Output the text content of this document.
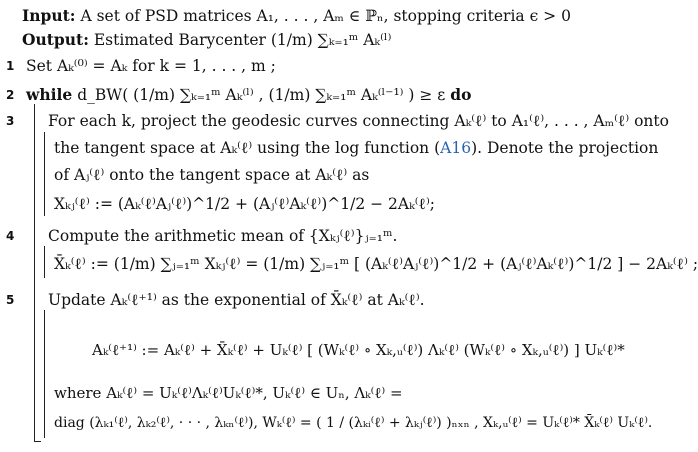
Input: A set of PSD matrices A₁, . . . , Aₘ ∈ ℙₙ, stopping criteria ϵ > 0
Output: Estimated Barycenter (1/m) ∑ₖ₌₁ᵐ Aₖ⁽ˡ⁾
1 Set Aₖ⁽⁰⁾ = Aₖ for k = 1, . . . , m ;
2 while d_BW( (1/m) ∑ₖ₌₁ᵐ Aₖ⁽ˡ⁾ , (1/m) ∑ₖ₌₁ᵐ Aₖ⁽ˡ⁻¹⁾ ) ≥ ε do
3 For each k, project the geodesic curves connecting Aₖ⁽ℓ⁾ to A₁⁽ℓ⁾, . . . , Aₘ⁽ℓ⁾ onto
the tangent space at Aₖ⁽ℓ⁾ using the log function (A16). Denote the projection
of Aⱼ⁽ℓ⁾ onto the tangent space at Aₖ⁽ℓ⁾ as
Xₖⱼ⁽ℓ⁾ := (Aₖ⁽ℓ⁾Aⱼ⁽ℓ⁾)^1/2 + (Aⱼ⁽ℓ⁾Aₖ⁽ℓ⁾)^1/2 − 2Aₖ⁽ℓ⁾;
4 Compute the arithmetic mean of {Xₖⱼ⁽ℓ⁾}ⱼ₌₁ᵐ.
X̄ₖ⁽ℓ⁾ := (1/m) ∑ⱼ₌₁ᵐ Xₖⱼ⁽ℓ⁾ = (1/m) ∑ⱼ₌₁ᵐ [ (Aₖ⁽ℓ⁾Aⱼ⁽ℓ⁾)^1/2 + (Aⱼ⁽ℓ⁾Aₖ⁽ℓ⁾)^1/2 ] − 2Aₖ⁽ℓ⁾ ;
5 Update Aₖ⁽ℓ⁺¹⁾ as the exponential of X̄ₖ⁽ℓ⁾ at Aₖ⁽ℓ⁾.
Aₖ⁽ℓ⁺¹⁾ := Aₖ⁽ℓ⁾ + X̄ₖ⁽ℓ⁾ + Uₖ⁽ℓ⁾ [ (Wₖ⁽ℓ⁾ ∘ Xₖ,ᵤ⁽ℓ⁾) Λₖ⁽ℓ⁾ (Wₖ⁽ℓ⁾ ∘ Xₖ,ᵤ⁽ℓ⁾) ] Uₖ⁽ℓ⁾*
where Aₖ⁽ℓ⁾ = Uₖ⁽ℓ⁾Λₖ⁽ℓ⁾Uₖ⁽ℓ⁾*, Uₖ⁽ℓ⁾ ∈ Uₙ, Λₖ⁽ℓ⁾ =
diag (λₖ₁⁽ℓ⁾, λₖ₂⁽ℓ⁾, · · · , λₖₙ⁽ℓ⁾), Wₖ⁽ℓ⁾ = ( 1 / (λₖᵢ⁽ℓ⁾ + λₖⱼ⁽ℓ⁾) )ₙₓₙ , Xₖ,ᵤ⁽ℓ⁾ = Uₖ⁽ℓ⁾* X̄ₖ⁽ℓ⁾ Uₖ⁽ℓ⁾.
